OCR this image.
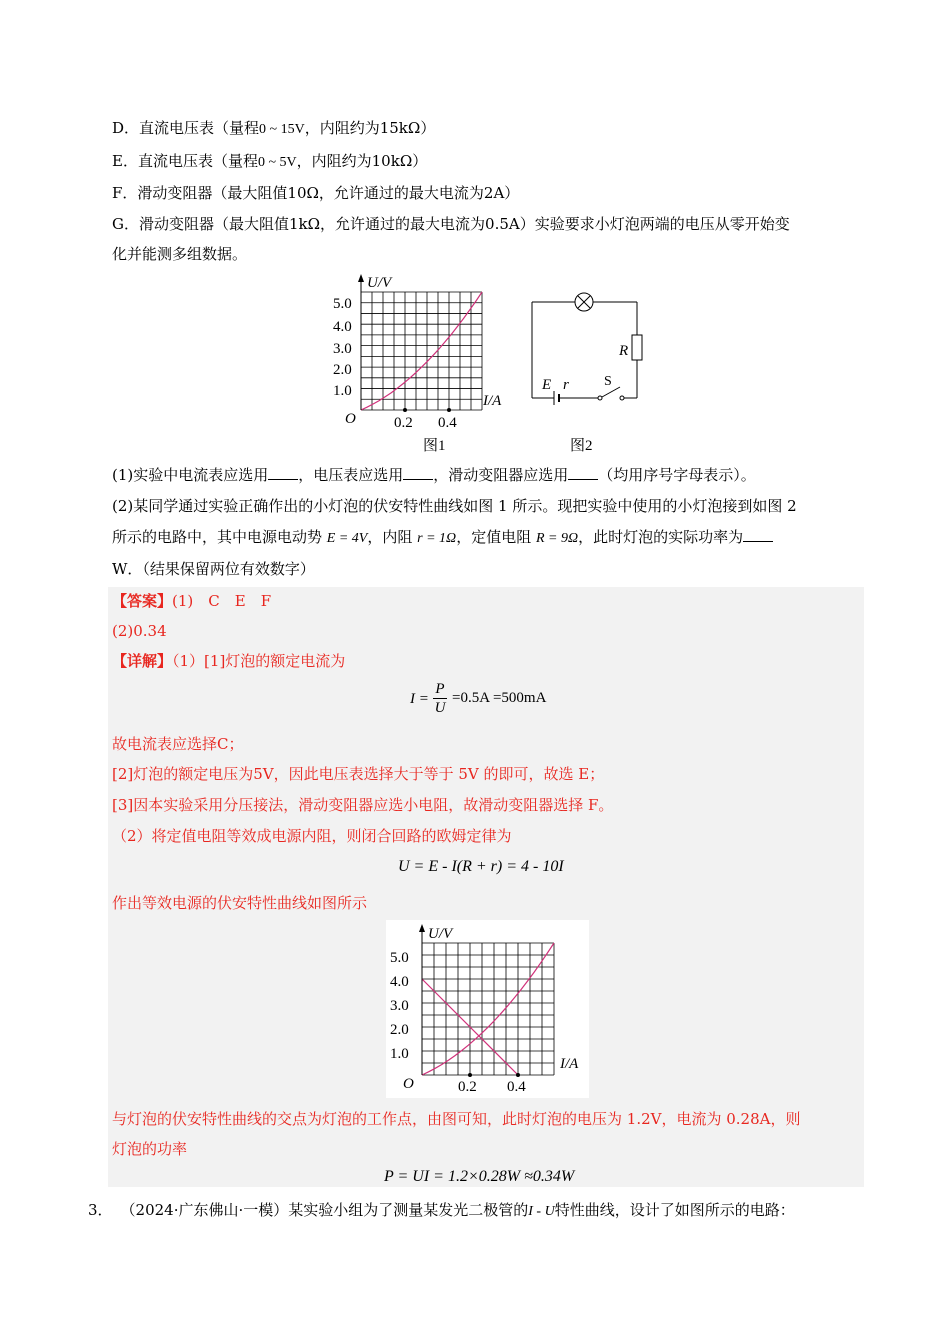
D．直流电压表（量程0 ~ 15V，内阻约为15kΩ）
E．直流电压表（量程0 ~ 5V，内阻约为10kΩ）
F．滑动变阻器（最大阻值10Ω，允许通过的最大电流为2A）
G．滑动变阻器（最大阻值1kΩ，允许通过的最大电流为0.5A）实验要求小灯泡两端的电压从零开始变
化并能测多组数据。
U/V
I/A
O
5.0
4.0
3.0
2.0
1.0
0.2 0.4
图1
R
E r	S
图2
(1)实验中电流表应选用 ，电压表应选用 ，滑动变阻器应选用 （均用序号字母表示）。
(2)某同学通过实验正确作出的小灯泡的伏安特性曲线如图 1 所示。现把实验中使用的小灯泡接到如图 2
所示的电路中，其中电源电动势 E = 4V，内阻 r = 1Ω，定值电阻 R = 9Ω，此时灯泡的实际功率为
W．（结果保留两位有效数字）
【答案】(1)　C　E　F
(2)0.34
【详解】（1）[1]灯泡的额定电流为
I =
P
U
=0.5A =500mA
故电流表应选择C；
[2]灯泡的额定电压为5V，因此电压表选择大于等于 5V 的即可，故选 E；
[3]因本实验采用分压接法，滑动变阻器应选小电阻，故滑动变阻器选择 F。
（2）将定值电阻等效成电源内阻，则闭合回路的欧姆定律为
U = E - I(R + r) = 4 - 10I
作出等效电源的伏安特性曲线如图所示
U/V
I/A
O
5.0
4.0
3.0
2.0
1.0
0.2 0.4
与灯泡的伏安特性曲线的交点为灯泡的工作点，由图可知，此时灯泡的电压为 1.2V，电流为 0.28A，则
灯泡的功率
P = UI = 1.2×0.28W ≈0.34W
3． （2024·广东佛山·一模）某实验小组为了测量某发光二极管的I - U特性曲线，设计了如图所示的电路：
